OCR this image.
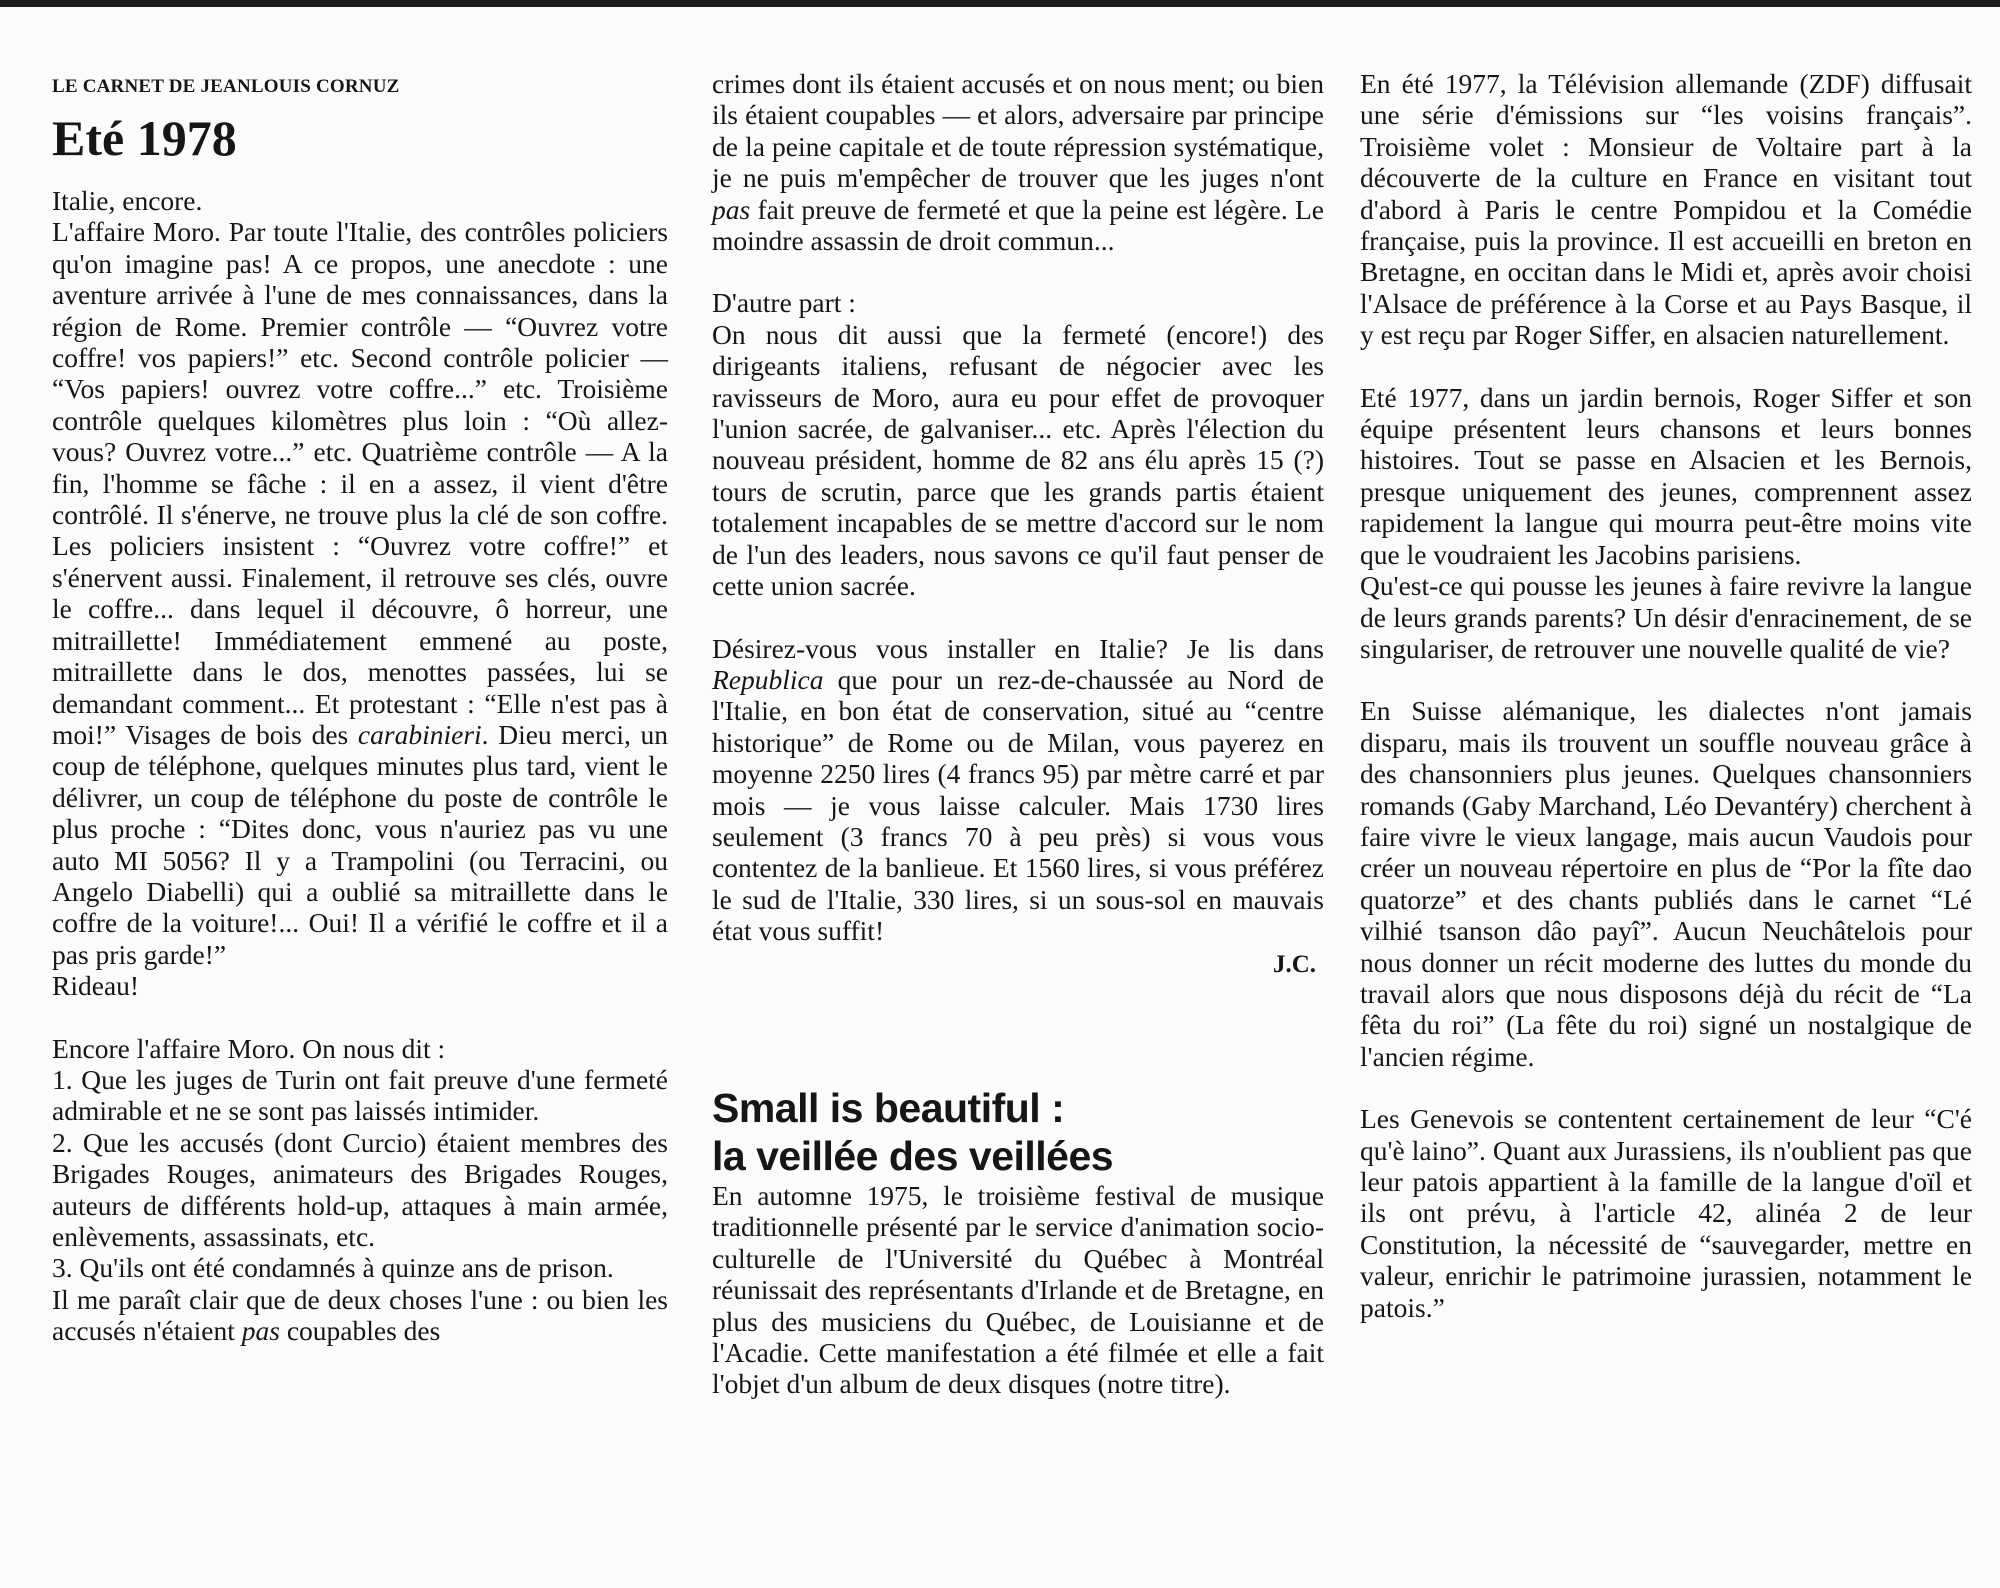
LE CARNET DE JEANLOUIS CORNUZ
Eté 1978

Italie, encore.

L'affaire Moro. Par toute l'Italie, des contrôles policiers qu'on imagine pas! A ce propos, une anecdote : une aventure arrivée à l'une de mes connaissances, dans la région de Rome. Premier contrôle — “Ouvrez votre coffre! vos papiers!” etc. Second contrôle policier — “Vos papiers! ouvrez votre coffre...” etc. Troisième contrôle quelques kilomètres plus loin : “Où allez-vous? Ouvrez votre...” etc. Quatrième contrôle — A la fin, l'homme se fâche : il en a assez, il vient d'être contrôlé. Il s'énerve, ne trouve plus la clé de son coffre. Les policiers insistent : “Ouvrez votre coffre!” et s'énervent aussi. Finalement, il retrouve ses clés, ouvre le coffre... dans lequel il découvre, ô horreur, une mitraillette! Immédiatement emmené au poste, mitraillette dans le dos, menottes passées, lui se demandant comment... Et protestant : “Elle n'est pas à moi!” Visages de bois des carabinieri. Dieu merci, un coup de téléphone, quelques minutes plus tard, vient le délivrer, un coup de téléphone du poste de contrôle le plus proche : “Dites donc, vous n'auriez pas vu une auto MI 5056? Il y a Trampolini (ou Terracini, ou Angelo Diabelli) qui a oublié sa mitraillette dans le coffre de la voiture!... Oui! Il a vérifié le coffre et il a pas pris garde!”

Rideau!

Encore l'affaire Moro. On nous dit :

1. Que les juges de Turin ont fait preuve d'une fermeté admirable et ne se sont pas laissés intimider.

2. Que les accusés (dont Curcio) étaient membres des Brigades Rouges, animateurs des Brigades Rouges, auteurs de différents hold-up, attaques à main armée, enlèvements, assassinats, etc.

3. Qu'ils ont été condamnés à quinze ans de prison.

Il me paraît clair que de deux choses l'une : ou bien les accusés n'étaient pas coupables des

crimes dont ils étaient accusés et on nous ment; ou bien ils étaient coupables — et alors, adversaire par principe de la peine capitale et de toute répression systématique, je ne puis m'empêcher de trouver que les juges n'ont pas fait preuve de fermeté et que la peine est légère. Le moindre assassin de droit commun...

D'autre part :

On nous dit aussi que la fermeté (encore!) des dirigeants italiens, refusant de négocier avec les ravisseurs de Moro, aura eu pour effet de provoquer l'union sacrée, de galvaniser... etc. Après l'élection du nouveau président, homme de 82 ans élu après 15 (?) tours de scrutin, parce que les grands partis étaient totalement incapables de se mettre d'accord sur le nom de l'un des leaders, nous savons ce qu'il faut penser de cette union sacrée.

Désirez-vous vous installer en Italie? Je lis dans Republica que pour un rez-de-chaussée au Nord de l'Italie, en bon état de conservation, situé au “centre historique” de Rome ou de Milan, vous payerez en moyenne 2250 lires (4 francs 95) par mètre carré et par mois — je vous laisse calculer. Mais 1730 lires seulement (3 francs 70 à peu près) si vous vous contentez de la banlieue. Et 1560 lires, si vous préférez le sud de l'Italie, 330 lires, si un sous-sol en mauvais état vous suffit!

J.C.
Small is beautiful :
la veillée des veillées

En automne 1975, le troisième festival de musique traditionnelle présenté par le service d'animation socio-culturelle de l'Université du Québec à Montréal réunissait des représentants d'Irlande et de Bretagne, en plus des musiciens du Québec, de Louisianne et de l'Acadie. Cette manifestation a été filmée et elle a fait l'objet d'un album de deux disques (notre titre).

En été 1977, la Télévision allemande (ZDF) diffusait une série d'émissions sur “les voisins français”. Troisième volet : Monsieur de Voltaire part à la découverte de la culture en France en visitant tout d'abord à Paris le centre Pompidou et la Comédie française, puis la province. Il est accueilli en breton en Bretagne, en occitan dans le Midi et, après avoir choisi l'Alsace de préférence à la Corse et au Pays Basque, il y est reçu par Roger Siffer, en alsacien naturellement.

Eté 1977, dans un jardin bernois, Roger Siffer et son équipe présentent leurs chansons et leurs bonnes histoires. Tout se passe en Alsacien et les Bernois, presque uniquement des jeunes, comprennent assez rapidement la langue qui mourra peut-être moins vite que le voudraient les Jacobins parisiens.

Qu'est-ce qui pousse les jeunes à faire revivre la langue de leurs grands parents? Un désir d'enracinement, de se singulariser, de retrouver une nouvelle qualité de vie?

En Suisse alémanique, les dialectes n'ont jamais disparu, mais ils trouvent un souffle nouveau grâce à des chansonniers plus jeunes. Quelques chansonniers romands (Gaby Marchand, Léo Devantéry) cherchent à faire vivre le vieux langage, mais aucun Vaudois pour créer un nouveau répertoire en plus de “Por la fîte dao quatorze” et des chants publiés dans le carnet “Lé vilhié tsanson dâo payî”. Aucun Neuchâtelois pour nous donner un récit moderne des luttes du monde du travail alors que nous disposons déjà du récit de “La fêta du roi” (La fête du roi) signé un nostalgique de l'ancien régime.

Les Genevois se contentent certainement de leur “C'é qu'è laino”. Quant aux Jurassiens, ils n'oublient pas que leur patois appartient à la famille de la langue d'oïl et ils ont prévu, à l'article 42, alinéa 2 de leur Constitution, la nécessité de “sauvegarder, mettre en valeur, enrichir le patrimoine jurassien, notamment le patois.”
